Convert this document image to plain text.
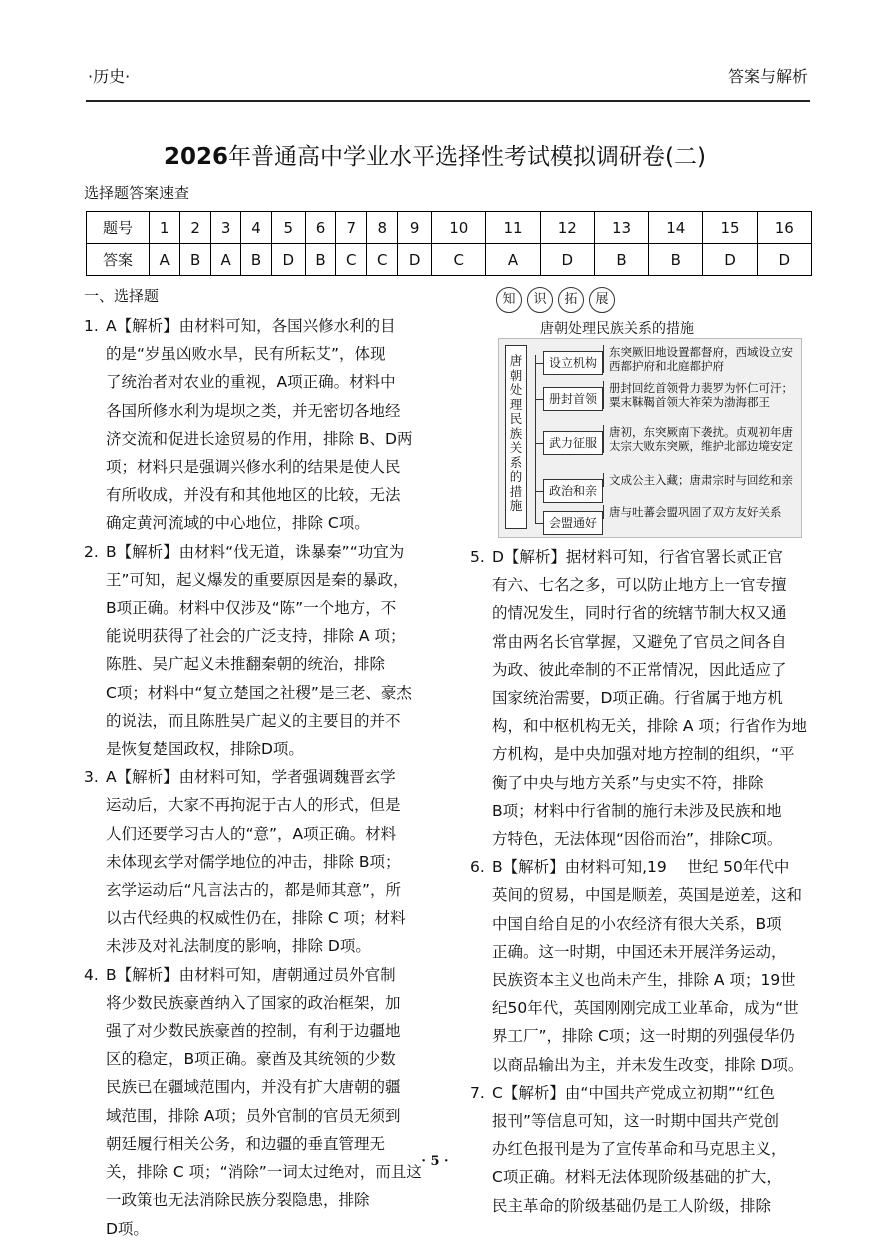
·历史·	答案与解析
2026年普通高中学业水平选择性考试模拟调研卷(二)
选择题答案速查
题号	1	2	3	4	5	6	7	8	9	10	11	12	13	14	15	16
答案	A	B	A	B	D	B	C	C	D	C	A	D	B	B	D	D
一、选择题

1. A【解析】由材料可知，各国兴修水利的目

的是“岁虽凶败水旱，民有所耘艾”，体现

了统治者对农业的重视，A项正确。材料中

各国所修水利为堤坝之类，并无密切各地经

济交流和促进长途贸易的作用，排除 B、D两

项；材料只是强调兴修水利的结果是使人民

有所收成，并没有和其他地区的比较，无法

确定黄河流域的中心地位，排除 C项。

2. B【解析】由材料“伐无道，诛暴秦”“功宜为

王”可知，起义爆发的重要原因是秦的暴政，

B项正确。材料中仅涉及“陈”一个地方，不

能说明获得了社会的广泛支持，排除 A 项；

陈胜、吴广起义未推翻秦朝的统治，排除

C项；材料中“复立楚国之社稷”是三老、豪杰

的说法，而且陈胜吴广起义的主要目的并不

是恢复楚国政权，排除D项。

3. A【解析】由材料可知，学者强调魏晋玄学

运动后，大家不再拘泥于古人的形式，但是

人们还要学习古人的“意”，A项正确。材料

未体现玄学对儒学地位的冲击，排除 B项；

玄学运动后“凡言法古的，都是师其意”，所

以古代经典的权威性仍在，排除 C 项；材料

未涉及对礼法制度的影响，排除 D项。

4. B【解析】由材料可知，唐朝通过员外官制

将少数民族豪酋纳入了国家的政治框架，加

强了对少数民族豪酋的控制，有利于边疆地

区的稳定，B项正确。豪酋及其统领的少数

民族已在疆域范围内，并没有扩大唐朝的疆

域范围，排除 A项；员外官制的官员无须到

朝廷履行相关公务，和边疆的垂直管理无

关，排除 C 项；“消除”一词太过绝对，而且这

一政策也无法消除民族分裂隐患，排除

D项。

知 识 拓 展
唐朝处理民族关系的措施
唐
朝
处
理
民
族
关
系
的
措
施
设立机构
东突厥旧地设置都督府，西域设立安西都护府和北庭都护府
册封首领
册封回纥首领骨力裴罗为怀仁可汗；粟末靺鞨首领大祚荣为渤海郡王
武力征服
唐初，东突厥南下袭扰。贞观初年唐太宗大败东突厥，维护北部边境安定
政治和亲
文成公主入藏；唐肃宗时与回纥和亲
会盟通好
唐与吐蕃会盟巩固了双方友好关系

5. D【解析】据材料可知，行省官署长贰正官

有六、七名之多，可以防止地方上一官专擅

的情况发生，同时行省的统辖节制大权又通

常由两名长官掌握，又避免了官员之间各自

为政、彼此牵制的不正常情况，因此适应了

国家统治需要，D项正确。行省属于地方机

构，和中枢机构无关，排除 A 项；行省作为地

方机构，是中央加强对地方控制的组织，“平

衡了中央与地方关系”与史实不符，排除

B项；材料中行省制的施行未涉及民族和地

方特色，无法体现“因俗而治”，排除C项。

6. B【解析】由材料可知,19　 世纪 50年代中

英间的贸易，中国是顺差，英国是逆差，这和

中国自给自足的小农经济有很大关系，B项

正确。这一时期，中国还未开展洋务运动，

民族资本主义也尚未产生，排除 A 项；19世

纪50年代，英国刚刚完成工业革命，成为“世

界工厂”，排除 C项；这一时期的列强侵华仍

以商品输出为主，并未发生改变，排除 D项。

7. C【解析】由“中国共产党成立初期”“红色

报刊”等信息可知，这一时期中国共产党创

办红色报刊是为了宣传革命和马克思主义，

C项正确。材料无法体现阶级基础的扩大，

民主革命的阶级基础仍是工人阶级，排除

· 5 ·
